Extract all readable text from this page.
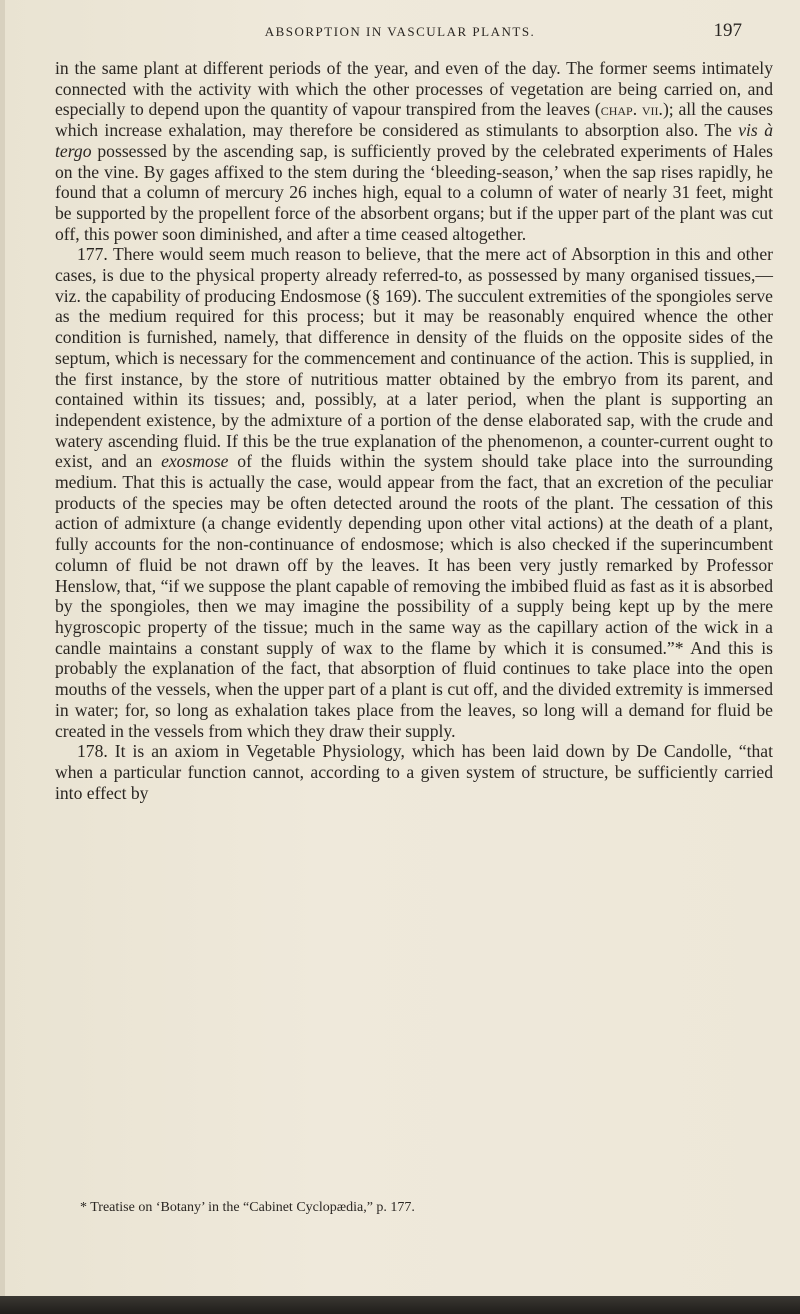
ABSORPTION IN VASCULAR PLANTS.	197

in the same plant at different periods of the year, and even of the day. The former seems intimately connected with the activity with which the other processes of vegetation are being carried on, and especially to depend upon the quantity of vapour transpired from the leaves (chap. vii.); all the causes which increase exhalation, may therefore be considered as stimulants to absorption also. The vis à tergo possessed by the ascending sap, is sufficiently proved by the celebrated experiments of Hales on the vine. By gages affixed to the stem during the ‘bleeding-season,’ when the sap rises rapidly, he found that a column of mercury 26 inches high, equal to a column of water of nearly 31 feet, might be supported by the propellent force of the absorbent organs; but if the upper part of the plant was cut off, this power soon diminished, and after a time ceased altogether.

177. There would seem much reason to believe, that the mere act of Absorption in this and other cases, is due to the physical property already referred-to, as possessed by many organised tissues,—viz. the capability of producing Endosmose (§ 169). The succulent extremities of the spongioles serve as the medium required for this process; but it may be reasonably enquired whence the other condition is furnished, namely, that difference in density of the fluids on the opposite sides of the septum, which is necessary for the commencement and continuance of the action. This is supplied, in the first instance, by the store of nutritious matter obtained by the embryo from its parent, and contained within its tissues; and, possibly, at a later period, when the plant is supporting an independent existence, by the admixture of a portion of the dense elaborated sap, with the crude and watery ascending fluid. If this be the true explanation of the phenomenon, a counter-current ought to exist, and an exosmose of the fluids within the system should take place into the surrounding medium. That this is actually the case, would appear from the fact, that an excretion of the peculiar products of the species may be often detected around the roots of the plant. The cessation of this action of admixture (a change evidently depending upon other vital actions) at the death of a plant, fully accounts for the non-continuance of endosmose; which is also checked if the superincumbent column of fluid be not drawn off by the leaves. It has been very justly remarked by Professor Henslow, that, “if we suppose the plant capable of removing the imbibed fluid as fast as it is absorbed by the spongioles, then we may imagine the possibility of a supply being kept up by the mere hygroscopic property of the tissue; much in the same way as the capillary action of the wick in a candle maintains a constant supply of wax to the flame by which it is consumed.”* And this is probably the explanation of the fact, that absorption of fluid continues to take place into the open mouths of the vessels, when the upper part of a plant is cut off, and the divided extremity is immersed in water; for, so long as exhalation takes place from the leaves, so long will a demand for fluid be created in the vessels from which they draw their supply.

178. It is an axiom in Vegetable Physiology, which has been laid down by De Candolle, “that when a particular function cannot, according to a given system of structure, be sufficiently carried into effect by

* Treatise on ‘Botany’ in the “Cabinet Cyclopædia,” p. 177.
